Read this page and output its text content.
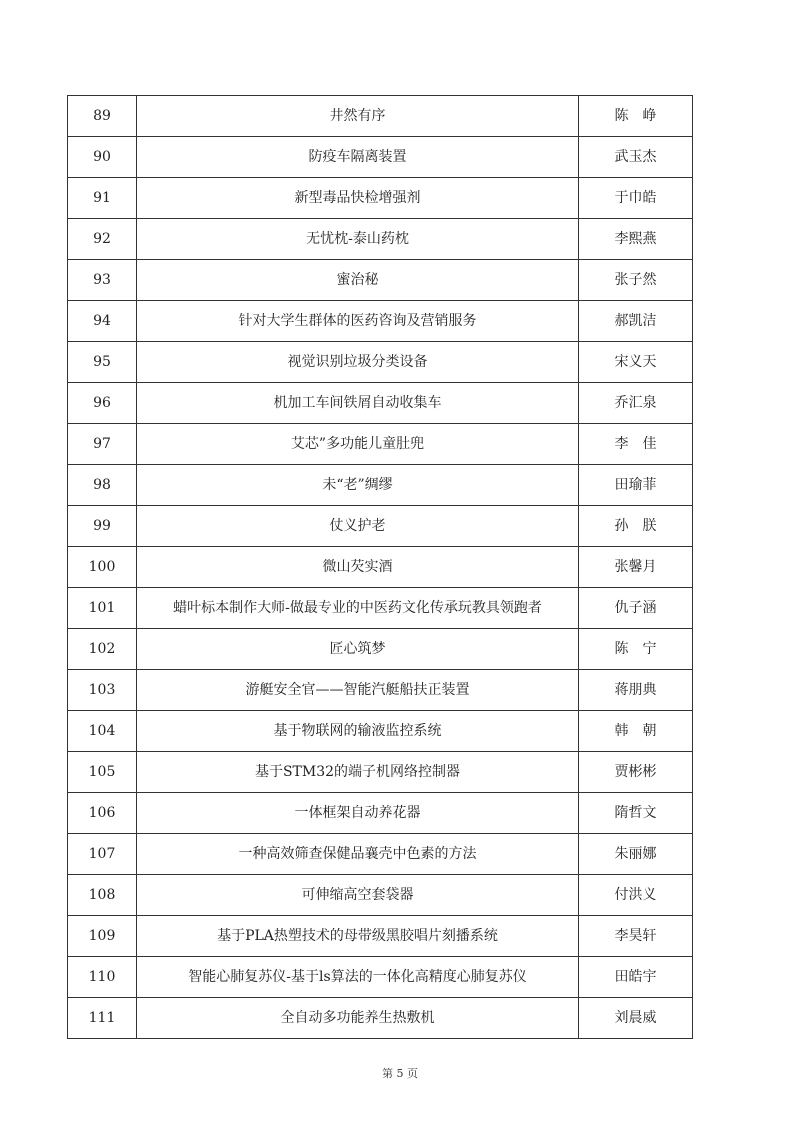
89	井然有序	陈　峥
90	防疫车隔离装置	武玉杰
91	新型毒品快检增强剂	于巾皓
92	无忧枕-泰山药枕	李熙燕
93	蜜治秘	张子然
94	针对大学生群体的医药咨询及营销服务	郝凯洁
95	视觉识别垃圾分类设备	宋义天
96	机加工车间铁屑自动收集车	乔汇泉
97	艾芯”多功能儿童肚兜	李　佳
98	未“老”绸缪	田瑜菲
99	仗义护老	孙　朕
100	微山芡实酒	张馨月
101	蜡叶标本制作大师-做最专业的中医药文化传承玩教具领跑者	仇子涵
102	匠心筑梦	陈　宁
103	游艇安全官——智能汽艇船扶正装置	蒋朋典
104	基于物联网的输液监控系统	韩　朝
105	基于STM32的端子机网络控制器	贾彬彬
106	一体框架自动养花器	隋哲文
107	一种高效筛查保健品襄壳中色素的方法	朱丽娜
108	可伸缩高空套袋器	付洪义
109	基于PLA热塑技术的母带级黑胶唱片刻播系统	李昊轩
110	智能心肺复苏仪-基于ls算法的一体化高精度心肺复苏仪	田皓宇
111	全自动多功能养生热敷机	刘晨威
第 5 页
